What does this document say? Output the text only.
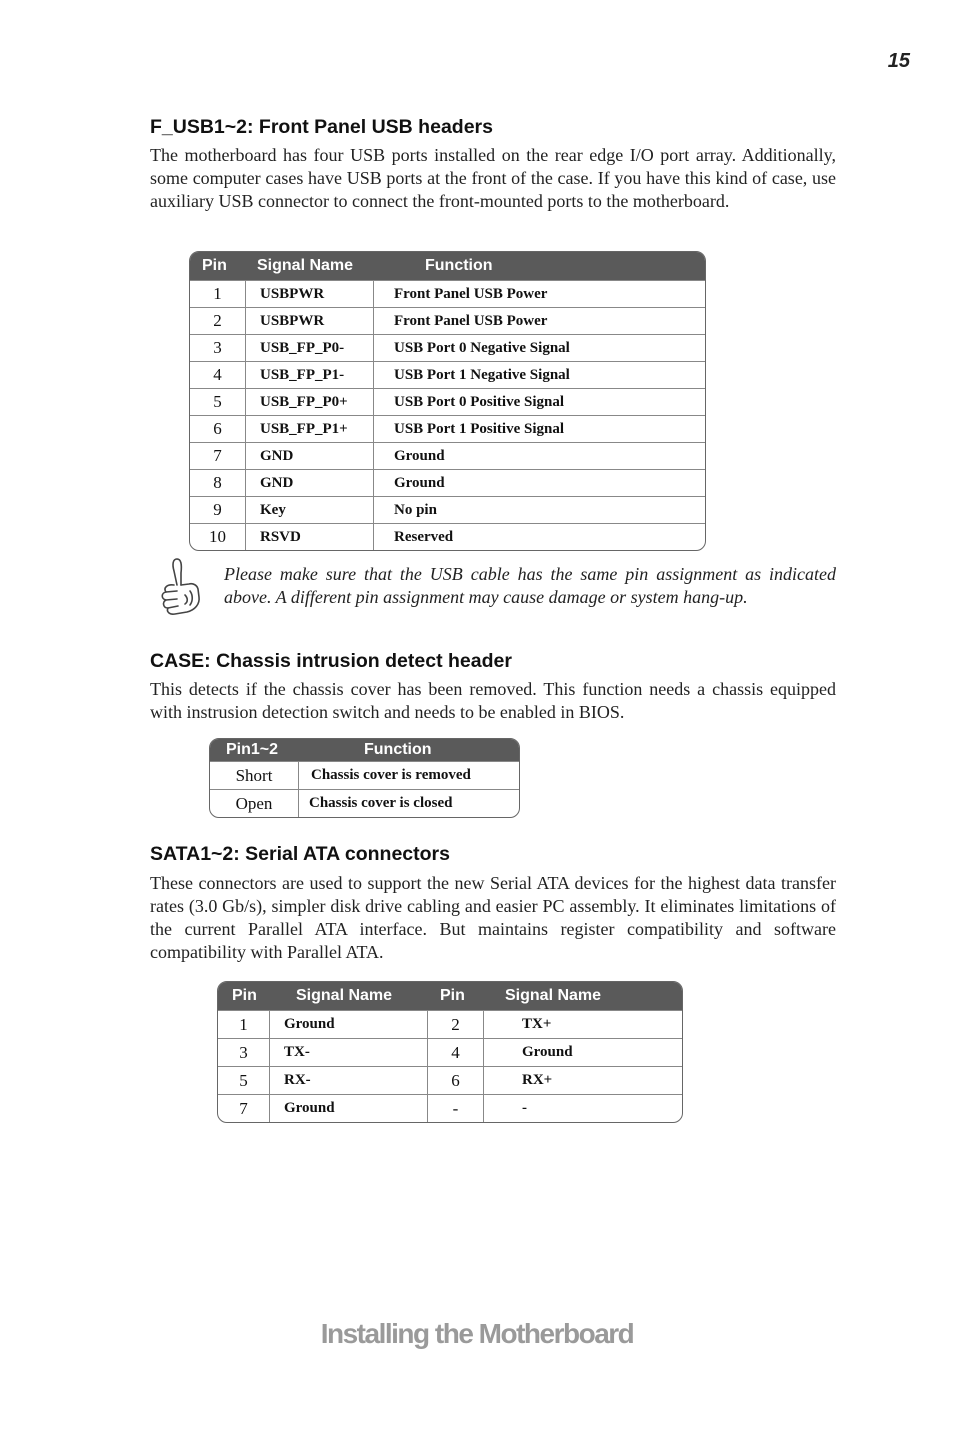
15
F_USB1~2: Front Panel USB headers

The motherboard has four USB ports installed on the rear edge I/O port array. Additionally, some computer cases have USB ports at the front of the case. If you have this kind of case, use auxiliary USB connector to connect the front-mounted ports to the motherboard.

Pin	Signal Name	Function
1	USBPWR	Front Panel USB Power
2	USBPWR	Front Panel USB Power
3	USB_FP_P0-	USB Port 0 Negative Signal
4	USB_FP_P1-	USB Port 1 Negative Signal
5	USB_FP_P0+	USB Port 0 Positive Signal
6	USB_FP_P1+	USB Port 1 Positive Signal
7	GND	Ground
8	GND	Ground
9	Key	No pin
10	RSVD	Reserved

Please make sure that the USB cable has the same pin assignment as indicated above. A different pin assignment may cause damage or system hang-up.

CASE: Chassis intrusion detect header

This detects if the chassis cover has been removed. This function needs a chassis equipped with instrusion detection switch and needs to be enabled in BIOS.

Pin1~2	Function
Short	Chassis cover is removed
Open	Chassis cover is closed
SATA1~2: Serial ATA connectors

These connectors are used to support the new Serial ATA devices for the highest data transfer rates (3.0 Gb/s), simpler disk drive cabling and easier PC assembly. It eliminates limitations of the current Parallel ATA interface. But maintains register compatibility and software compatibility with Parallel ATA.

Pin	Signal Name	Pin	Signal Name
1	Ground	2	TX+
3	TX-	4	Ground
5	RX-	6	RX+
7	Ground	-	-
Installing the Motherboard
